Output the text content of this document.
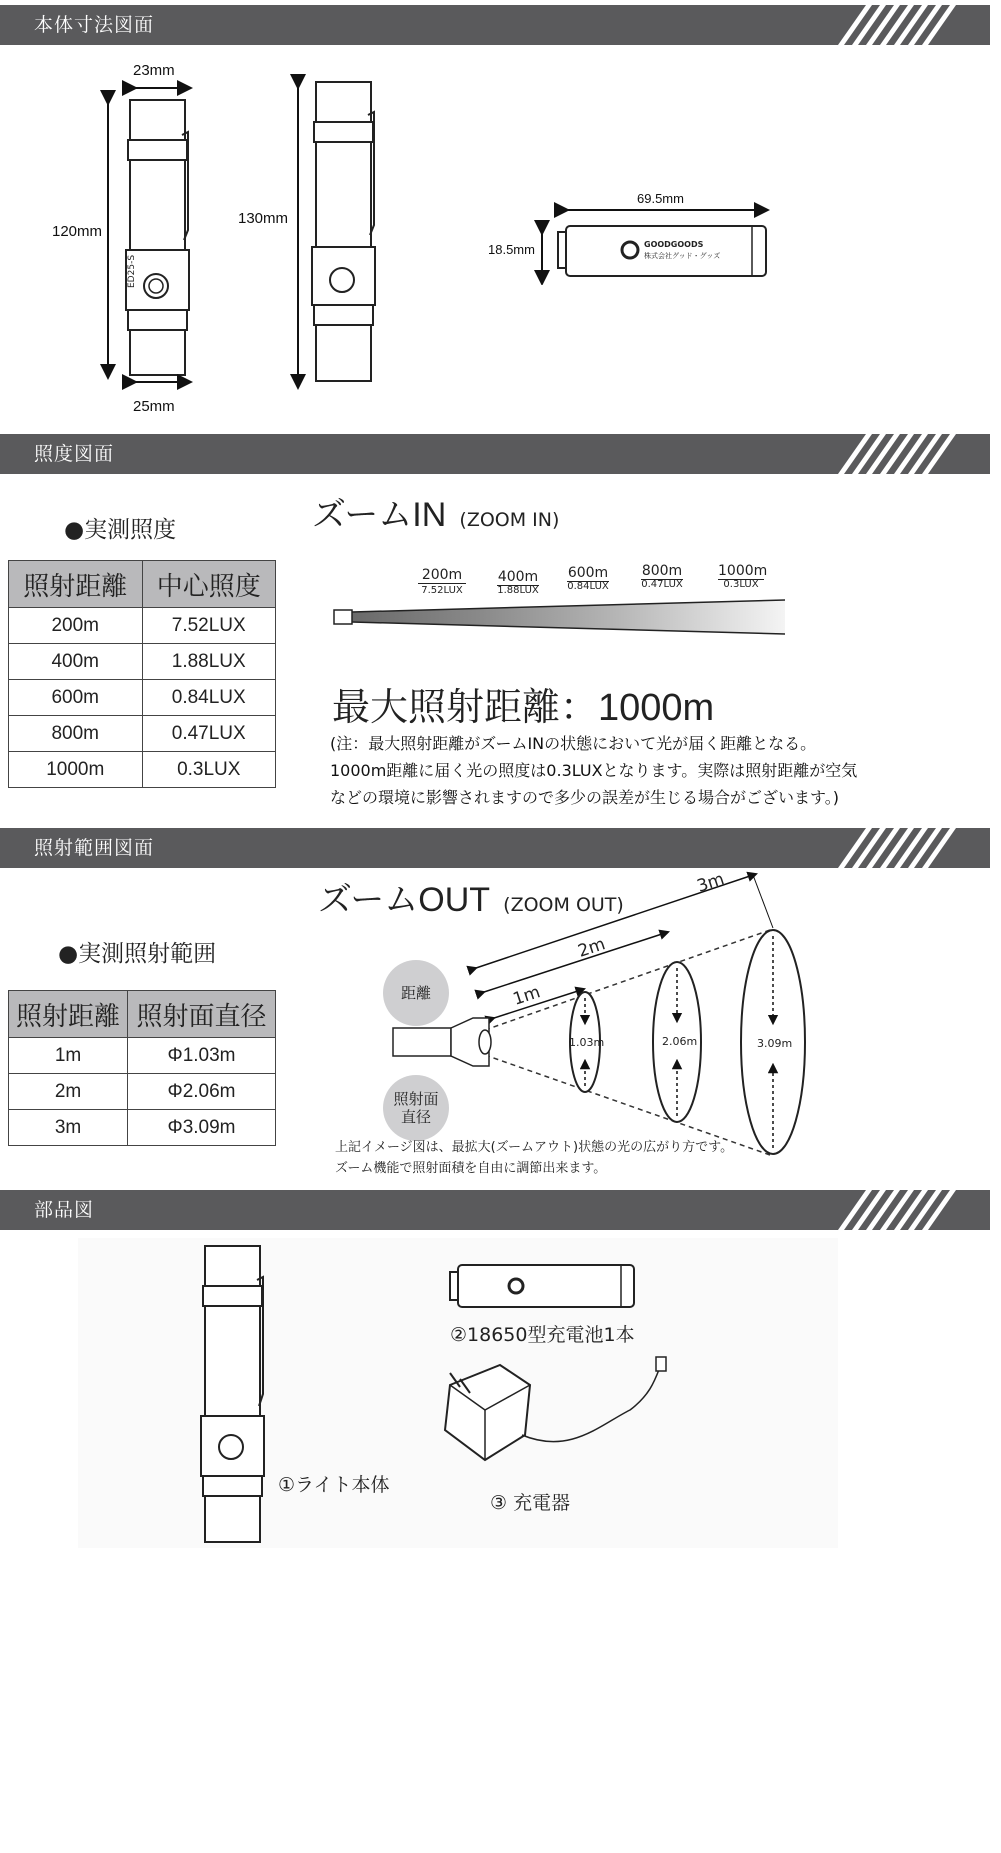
本体寸法図面
ED25-S
23mm
120mm
25mm
130mm
69.5mm
18.5mm	GOODGOODS
株式会社グッド・グッズ
照度図面
●実測照度
照射距離	中心照度
200m	7.52LUX
400m	1.88LUX
600m	0.84LUX
800m	0.47LUX
1000m	0.3LUX
ズームIN (ZOOM IN)
200m
7.52LUX
400m
1.88LUX
600m
0.84LUX
800m
0.47LUX
1000m
0.3LUX
最大照射距離：1000m
(注：最大照射距離がズームINの状態において光が届く距離となる。
1000m距離に届く光の照度は0.3LUXとなります。実際は照射距離が空気
などの環境に影響されますので多少の誤差が生じる場合がございます。)
照射範囲図面
ズームOUT (ZOOM OUT)
●実測照射範囲
照射距離	照射面直径
1m	Φ1.03m
2m	Φ2.06m
3m	Φ3.09m
3m
2m
1m
1.03m	2.06m	3.09m
距離
照射面
直径
上記イメージ図は、最拡大(ズームアウト)状態の光の広がり方です。
ズーム機能で照射面積を自由に調節出来ます。
部品図
①ライト本体
②18650型充電池1本
③ 充電器
